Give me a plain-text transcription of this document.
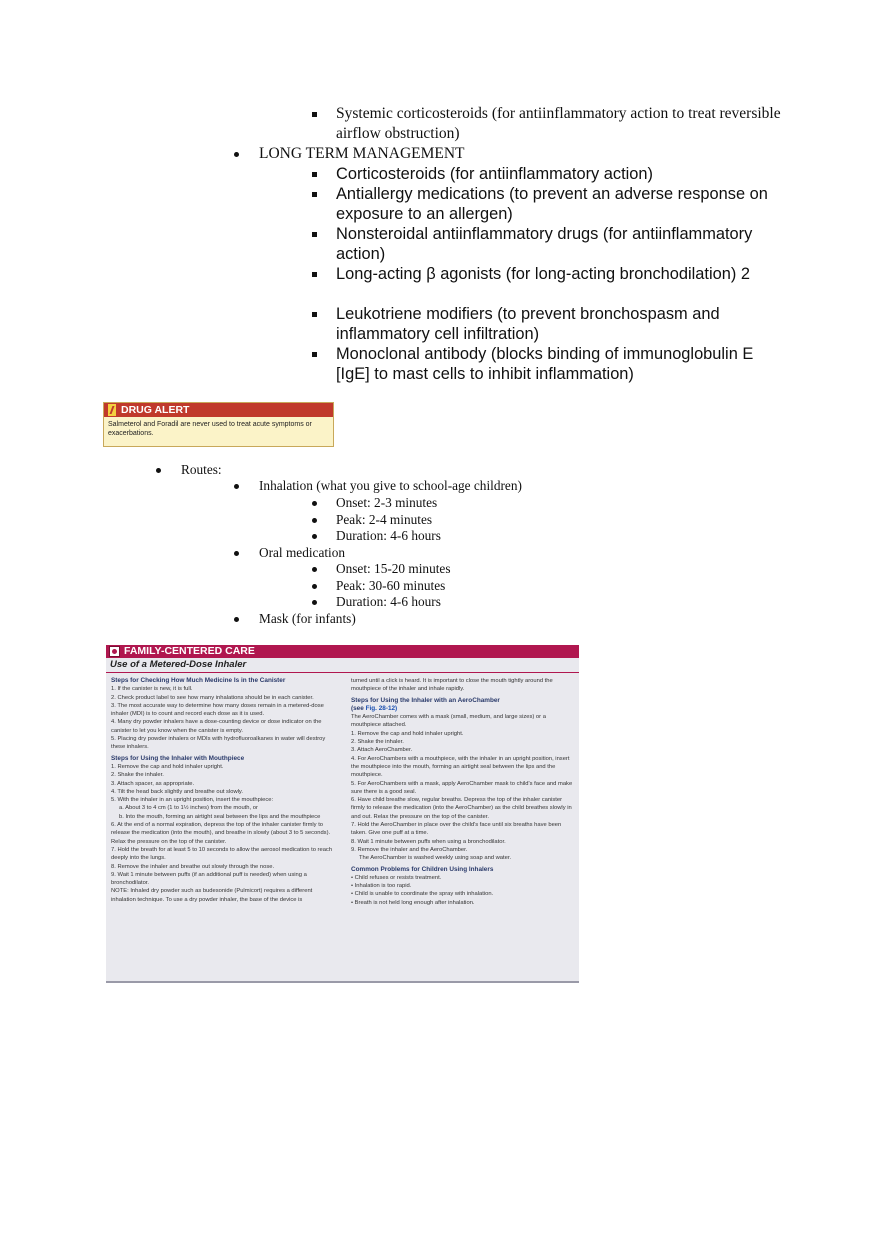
Systemic corticosteroids (for antiinflammatory action to treat reversible airflow obstruction)
LONG TERM MANAGEMENT
Corticosteroids (for antiinflammatory action)
Antiallergy medications (to prevent an adverse response on exposure to an allergen)
Nonsteroidal antiinflammatory drugs (for antiinflammatory action)
Long-acting β agonists (for long-acting bronchodilation) 2
Leukotriene modifiers (to prevent bronchospasm and inflammatory cell infiltration)
Monoclonal antibody (blocks binding of immunoglobulin E [IgE] to mast cells to inhibit inflammation)
DRUG ALERT
Salmeterol and Foradil are never used to treat acute symptoms or exacerbations.
Routes:
Inhalation (what you give to school-age children)
Onset: 2-3 minutes
Peak: 2-4 minutes
Duration: 4-6 hours
Oral medication
Onset: 15-20 minutes
Peak: 30-60 minutes
Duration: 4-6 hours
Mask (for infants)
FAMILY-CENTERED CARE
Use of a Metered-Dose Inhaler
Steps for Checking How Much Medicine Is in the Canister

1. If the canister is new, it is full.

2. Check product label to see how many inhalations should be in each canister.

3. The most accurate way to determine how many doses remain in a metered-dose inhaler (MDI) is to count and record each dose as it is used.

4. Many dry powder inhalers have a dose-counting device or dose indicator on the canister to let you know when the canister is empty.

5. Placing dry powder inhalers or MDIs with hydrofluoroalkanes in water will destroy these inhalers.

Steps for Using the Inhaler with Mouthpiece

1. Remove the cap and hold inhaler upright.

2. Shake the inhaler.

3. Attach spacer, as appropriate.

4. Tilt the head back slightly and breathe out slowly.

5. With the inhaler in an upright position, insert the mouthpiece:

a. About 3 to 4 cm (1 to 1½ inches) from the mouth, or

b. Into the mouth, forming an airtight seal between the lips and the mouthpiece

6. At the end of a normal expiration, depress the top of the inhaler canister firmly to release the medication (into the mouth), and breathe in slowly (about 3 to 5 seconds). Relax the pressure on the top of the canister.

7. Hold the breath for at least 5 to 10 seconds to allow the aerosol medication to reach deeply into the lungs.

8. Remove the inhaler and breathe out slowly through the nose.

9. Wait 1 minute between puffs (if an additional puff is needed) when using a bronchodilator.

NOTE: Inhaled dry powder such as budesonide (Pulmicort) requires a different inhalation technique. To use a dry powder inhaler, the base of the device is

turned until a click is heard. It is important to close the mouth tightly around the mouthpiece of the inhaler and inhale rapidly.

Steps for Using the Inhaler with an AeroChamber
(see Fig. 28-12)

The AeroChamber comes with a mask (small, medium, and large sizes) or a mouthpiece attached.

1. Remove the cap and hold inhaler upright.

2. Shake the inhaler.

3. Attach AeroChamber.

4. For AeroChambers with a mouthpiece, with the inhaler in an upright position, insert the mouthpiece into the mouth, forming an airtight seal between the lips and the mouthpiece.

5. For AeroChambers with a mask, apply AeroChamber mask to child's face and make sure there is a good seal.

6. Have child breathe slow, regular breaths. Depress the top of the inhaler canister firmly to release the medication (into the AeroChamber) as the child breathes slowly in and out. Relax the pressure on the top of the canister.

7. Hold the AeroChamber in place over the child's face until six breaths have been taken. Give one puff at a time.

8. Wait 1 minute between puffs when using a bronchodilator.

9. Remove the inhaler and the AeroChamber.

The AeroChamber is washed weekly using soap and water.

Common Problems for Children Using Inhalers

• Child refuses or resists treatment.

• Inhalation is too rapid.

• Child is unable to coordinate the spray with inhalation.

• Breath is not held long enough after inhalation.
